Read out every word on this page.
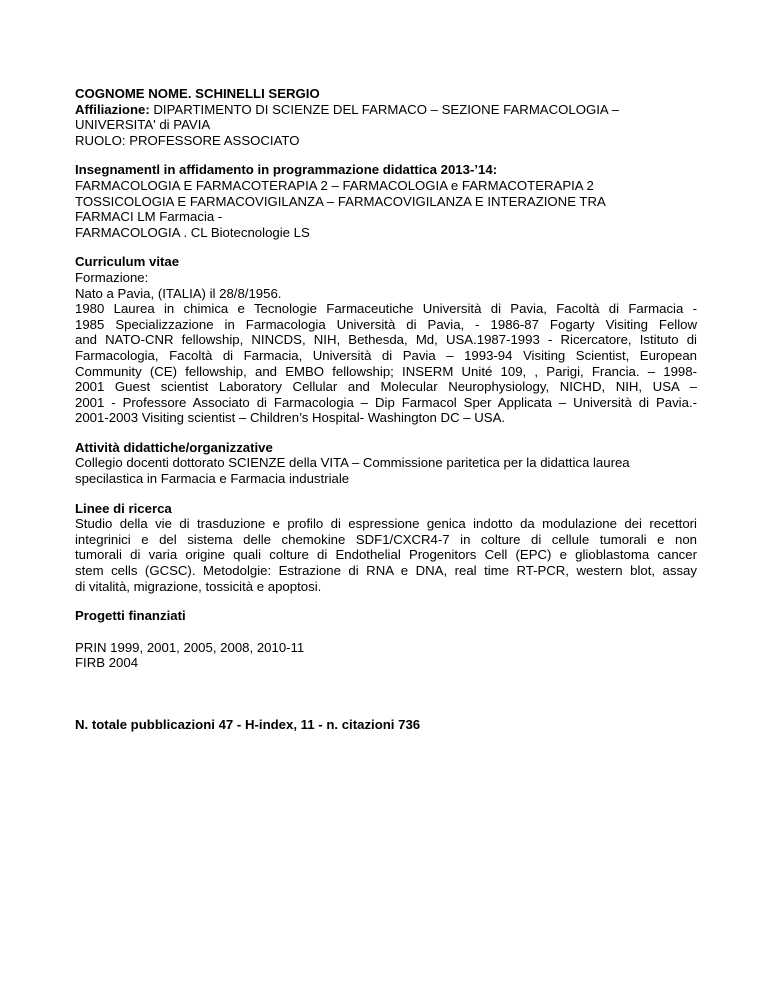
COGNOME NOME. SCHINELLI SERGIO
Affiliazione: DIPARTIMENTO DI SCIENZE DEL FARMACO – SEZIONE FARMACOLOGIA –
UNIVERSITA' di PAVIA
RUOLO: PROFESSORE ASSOCIATO
Insegnamentl in affidamento in programmazione didattica 2013-’14:
FARMACOLOGIA E FARMACOTERAPIA 2 – FARMACOLOGIA e FARMACOTERAPIA 2
TOSSICOLOGIA E FARMACOVIGILANZA – FARMACOVIGILANZA E INTERAZIONE TRA
FARMACI LM Farmacia -
FARMACOLOGIA . CL Biotecnologie LS
Curriculum vitae
Formazione:
Nato a Pavia, (ITALIA) il 28/8/1956.
1980 Laurea in chimica e Tecnologie Farmaceutiche Università di Pavia, Facoltà di Farmacia -
1985 Specializzazione in Farmacologia Università di Pavia, - 1986-87 Fogarty Visiting Fellow
and NATO-CNR fellowship, NINCDS, NIH, Bethesda, Md, USA.1987-1993 - Ricercatore, Istituto di
Farmacologia, Facoltà di Farmacia, Università di Pavia – 1993-94 Visiting Scientist, European
Community (CE) fellowship, and EMBO fellowship; INSERM Unité 109, , Parigi, Francia. – 1998-
2001 Guest scientist Laboratory Cellular and Molecular Neurophysiology, NICHD, NIH, USA –
2001 - Professore Associato di Farmacologia – Dip Farmacol Sper Applicata – Università di Pavia.-
2001-2003 Visiting scientist – Children’s Hospital- Washington DC – USA.
Attività didattiche/organizzative
Collegio docenti dottorato SCIENZE della VITA – Commissione paritetica per la didattica laurea
specilastica in Farmacia e Farmacia industriale
Linee di ricerca
Studio della vie di trasduzione e profilo di espressione genica indotto da modulazione dei recettori
integrinici e del sistema delle chemokine SDF1/CXCR4-7 in colture di cellule tumorali e non
tumorali di varia origine quali colture di Endothelial Progenitors Cell (EPC) e glioblastoma cancer
stem cells (GCSC). Metodolgie: Estrazione di RNA e DNA, real time RT-PCR, western blot, assay
di vitalità, migrazione, tossicità e apoptosi.
Progetti finanziati
PRIN 1999, 2001, 2005, 2008, 2010-11
FIRB 2004
N. totale pubblicazioni 47 - H-index, 11 - n. citazioni 736
